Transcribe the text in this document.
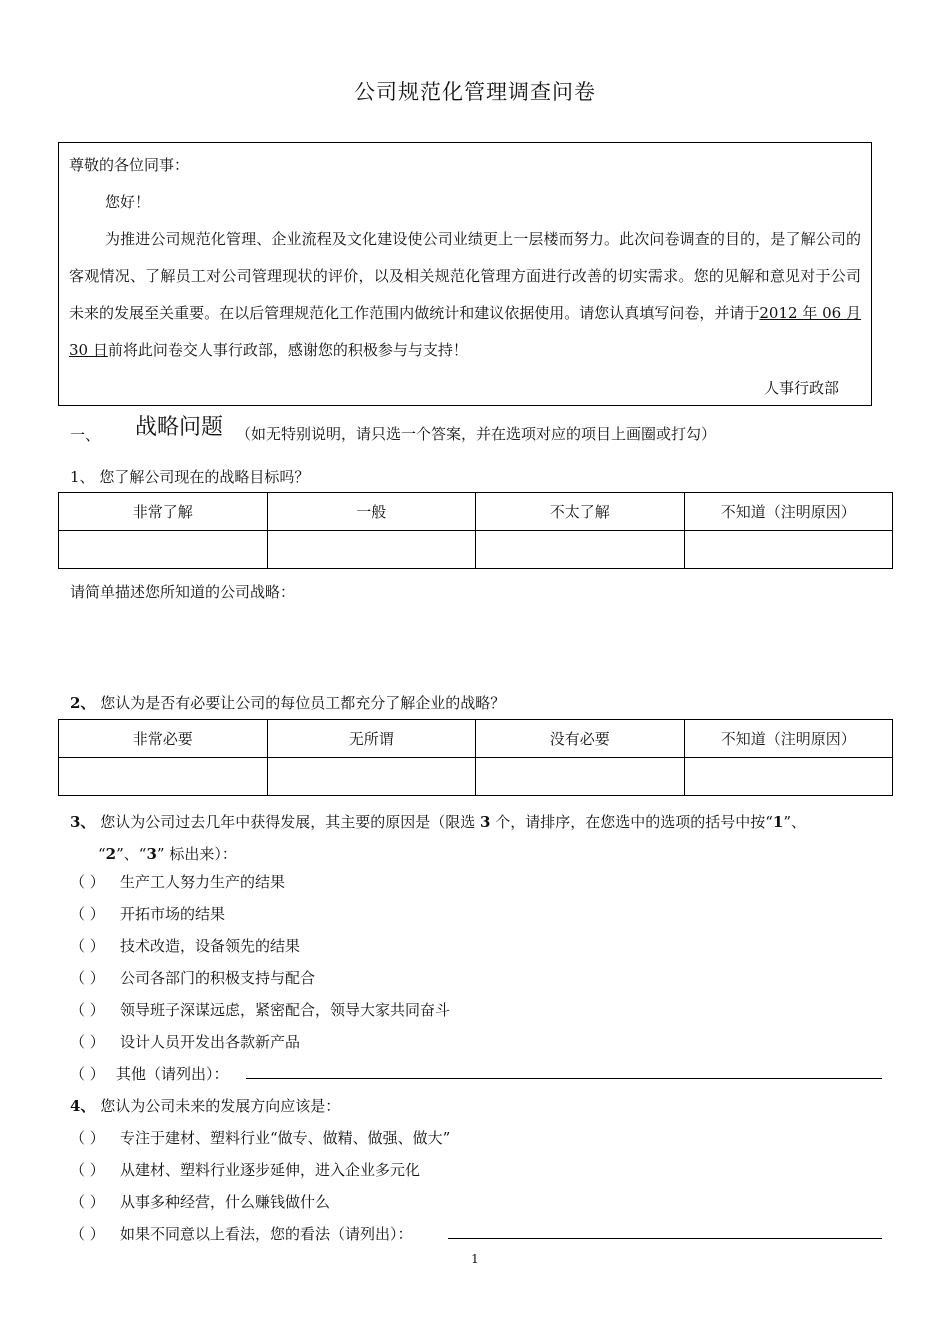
公司规范化管理调查问卷
尊敬的各位同事：
您好！

为推进公司规范化管理、企业流程及文化建设使公司业绩更上一层楼而努力。此次问卷调查的目的，是了解公司的客观情况、了解员工对公司管理现状的评价，以及相关规范化管理方面进行改善的切实需求。您的见解和意见对于公司未来的发展至关重要。在以后管理规范化工作范围内做统计和建议依据使用。请您认真填写问卷，并请于2012 年 06 月 30 日前将此问卷交人事行政部，感谢您的积极参与与支持！

人事行政部
一、 战略问题 （如无特别说明，请只选一个答案，并在选项对应的项目上画圈或打勾）
1、 您了解公司现在的战略目标吗？
非常了解	一般	不太了解	不知道（注明原因）

请简单描述您所知道的公司战略：
2、 您认为是否有必要让公司的每位员工都充分了解企业的战略？
非常必要	无所谓	没有必要	不知道（注明原因）

3、 您认为公司过去几年中获得发展，其主要的原因是（限选 3 个，请排序，在您选中的选项的括号中按“1”、
“2”、“3” 标出来）：
（ ） 生产工人努力生产的结果
（ ） 开拓市场的结果
（ ） 技术改造，设备领先的结果
（ ） 公司各部门的积极支持与配合
（ ） 领导班子深谋远虑，紧密配合，领导大家共同奋斗
（ ） 设计人员开发出各款新产品
（ ） 其他（请列出）：
4、 您认为公司未来的发展方向应该是：
（ ） 专注于建材、塑料行业“做专、做精、做强、做大”
（ ） 从建材、塑料行业逐步延伸，进入企业多元化
（ ） 从事多种经营，什么赚钱做什么
（ ） 如果不同意以上看法，您的看法（请列出）：
1
